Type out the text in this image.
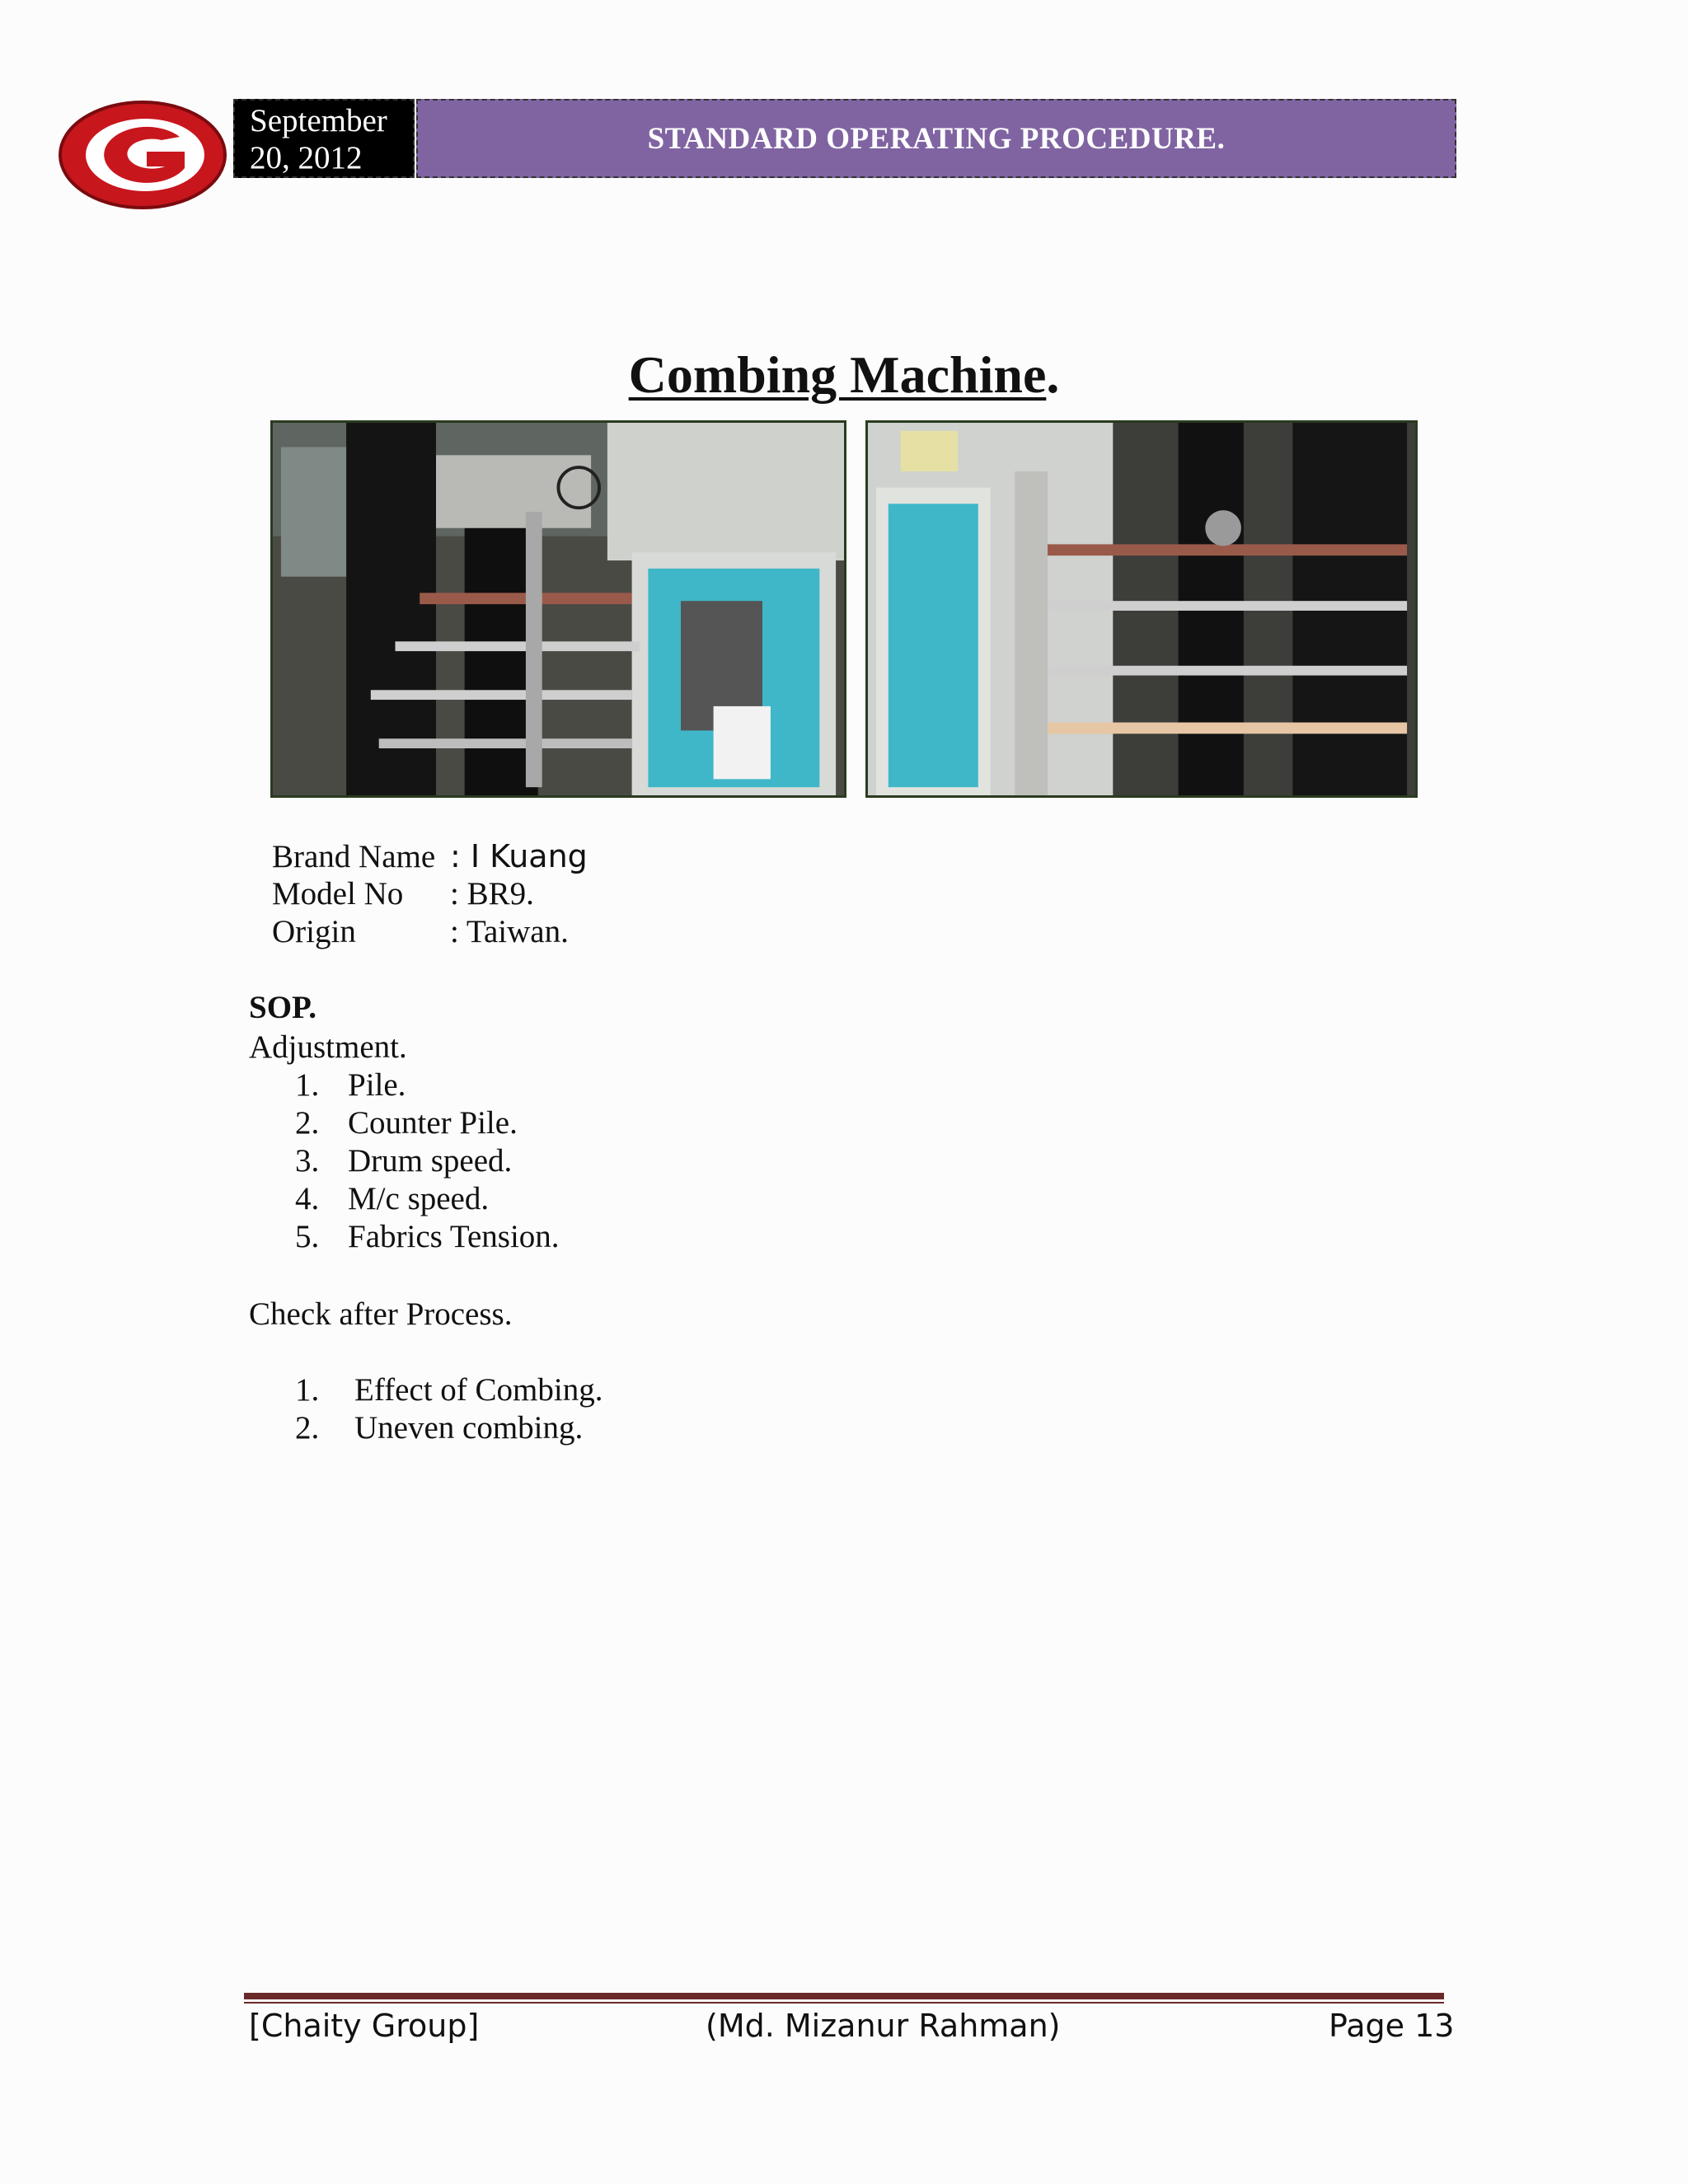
September 20, 2012
STANDARD OPERATING PROCEDURE.
Combing Machine.
Brand Name : I Kuang
Model No : BR9.
Origin	: Taiwan.
SOP.
Adjustment.
1. Pile.
2. Counter Pile.
3. Drum speed.
4. M/c speed.
5. Fabrics Tension.
Check after Process.
1. Effect of Combing.
2. Uneven combing.
[Chaity Group]	(Md. Mizanur Rahman)	Page 13
